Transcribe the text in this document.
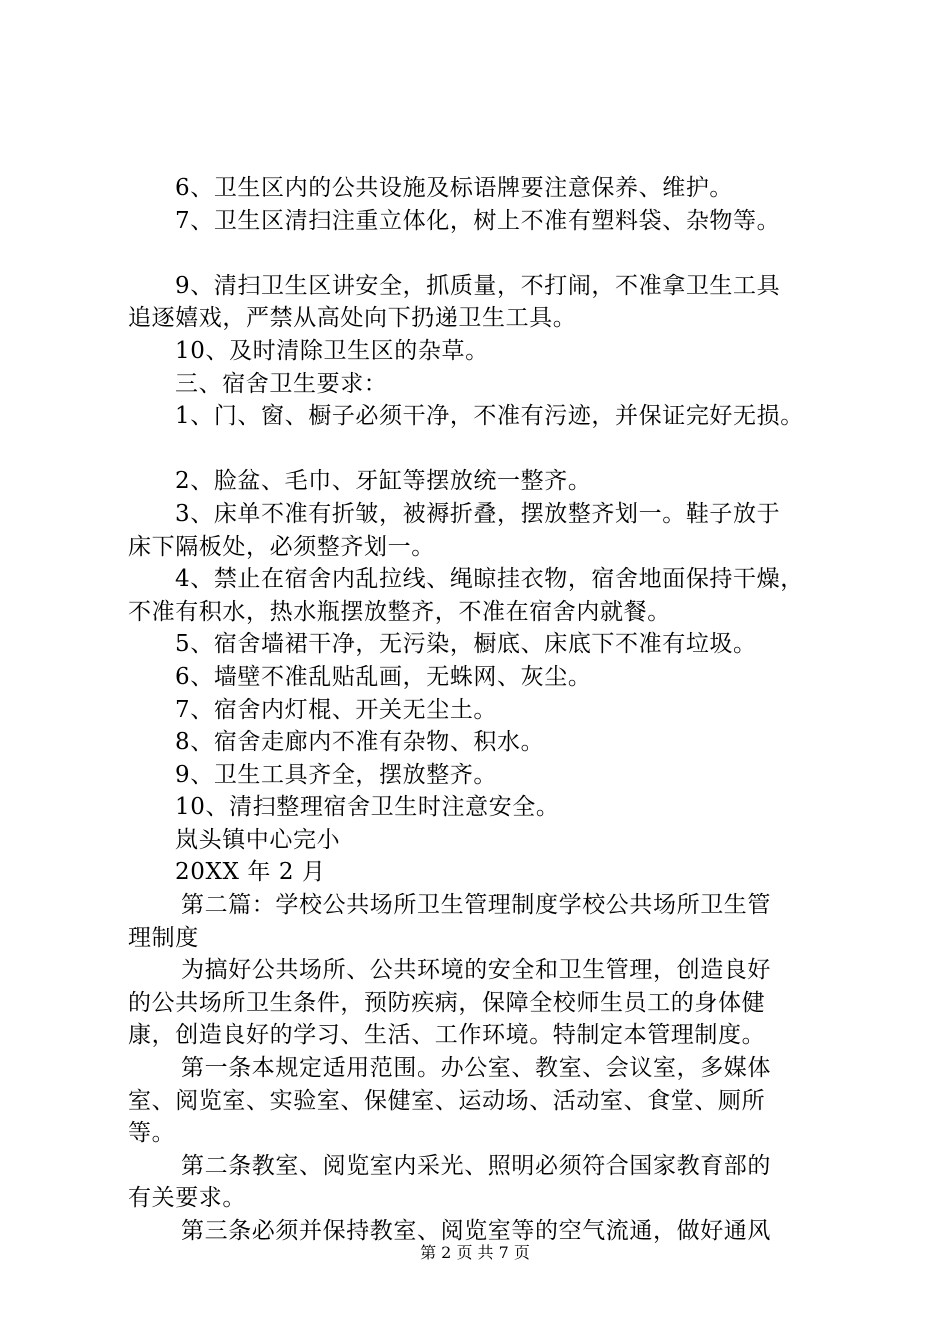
6、卫生区内的公共设施及标语牌要注意保养、维护。
7、卫生区清扫注重立体化，树上不准有塑料袋、杂物等。
9、清扫卫生区讲安全，抓质量，不打闹，不准拿卫生工具
追逐嬉戏，严禁从高处向下扔递卫生工具。
10、及时清除卫生区的杂草。
三、宿舍卫生要求：
1、门、窗、橱子必须干净，不准有污迹，并保证完好无损。
2、脸盆、毛巾、牙缸等摆放统一整齐。
3、床单不准有折皱，被褥折叠，摆放整齐划一。鞋子放于
床下隔板处，必须整齐划一。
4、禁止在宿舍内乱拉线、绳晾挂衣物，宿舍地面保持干燥，
不准有积水，热水瓶摆放整齐，不准在宿舍内就餐。
5、宿舍墙裙干净，无污染，橱底、床底下不准有垃圾。
6、墙壁不准乱贴乱画，无蛛网、灰尘。
7、宿舍内灯棍、开关无尘土。
8、宿舍走廊内不准有杂物、积水。
9、卫生工具齐全，摆放整齐。
10、清扫整理宿舍卫生时注意安全。
岚头镇中心完小
20XX 年 2 月
第二篇：学校公共场所卫生管理制度学校公共场所卫生管
理制度
为搞好公共场所、公共环境的安全和卫生管理，创造良好
的公共场所卫生条件，预防疾病，保障全校师生员工的身体健
康，创造良好的学习、生活、工作环境。特制定本管理制度。
第一条本规定适用范围。办公室、教室、会议室，多媒体
室、阅览室、实验室、保健室、运动场、活动室、食堂、厕所
等。
第二条教室、阅览室内采光、照明必须符合国家教育部的
有关要求。
第三条必须并保持教室、阅览室等的空气流通，做好通风
第 2 页 共 7 页
